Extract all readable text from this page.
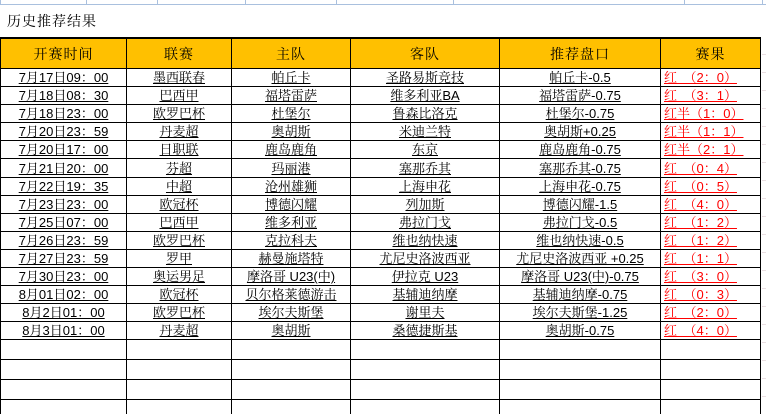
历史推荐结果
开赛时间	联赛	主队	客队	推荐盘口	赛果
7月17日09：00	墨西联春	帕丘卡	圣路易斯竞技	帕丘卡-0.5	红　（2：0）
7月18日08：30	巴西甲	福塔雷萨	维多利亚BA	福塔雷萨-0.75	红　（3：1）
7月18日23：00	欧罗巴杯	杜堡尔	鲁森比洛克	杜堡尔-0.75	红半（1：0）
7月20日23：59	丹麦超	奥胡斯	米迪兰特	奥胡斯+0.25	红半（1：1）
7月20日17：00	日职联	鹿岛鹿角	东京	鹿岛鹿角-0.75	红半（2：1）
7月21日20：00	芬超	玛丽港	塞那乔其	塞那乔其-0.75	红　（0：4）
7月22日19：35	中超	沧州雄狮	上海申花	上海申花-0.75	红　（0：5）
7月23日23：00	欧冠杯	博德闪耀	列加斯	博德闪耀-1.5	红　（4：0）
7月25日07：00	巴西甲	维多利亚	弗拉门戈	弗拉门戈-0.5	红　（1：2）
7月26日23：59	欧罗巴杯	克拉科夫	维也纳快速	维也纳快速-0.5	红　（1：2）
7月27日23：59	罗甲	赫曼施塔特	尤尼史洛波西亚	尤尼史洛波西亚 +0.25	红　（1：1）
7月30日23：00	奥运男足	摩洛哥 U23(中)	伊拉克 U23	摩洛哥 U23(中)-0.75	红　（3：0）
8月01日02：00	欧冠杯	贝尔格莱德游击	基辅迪纳摩	基辅迪纳摩-0.75	红　（0：3）
8月2日01：00	欧罗巴杯	埃尔夫斯堡	谢里夫	埃尔夫斯堡-1.25	红　（2：0）
8月3日01：00	丹麦超	奥胡斯	桑德捷斯基	奥胡斯-0.75	红　（4：0）
